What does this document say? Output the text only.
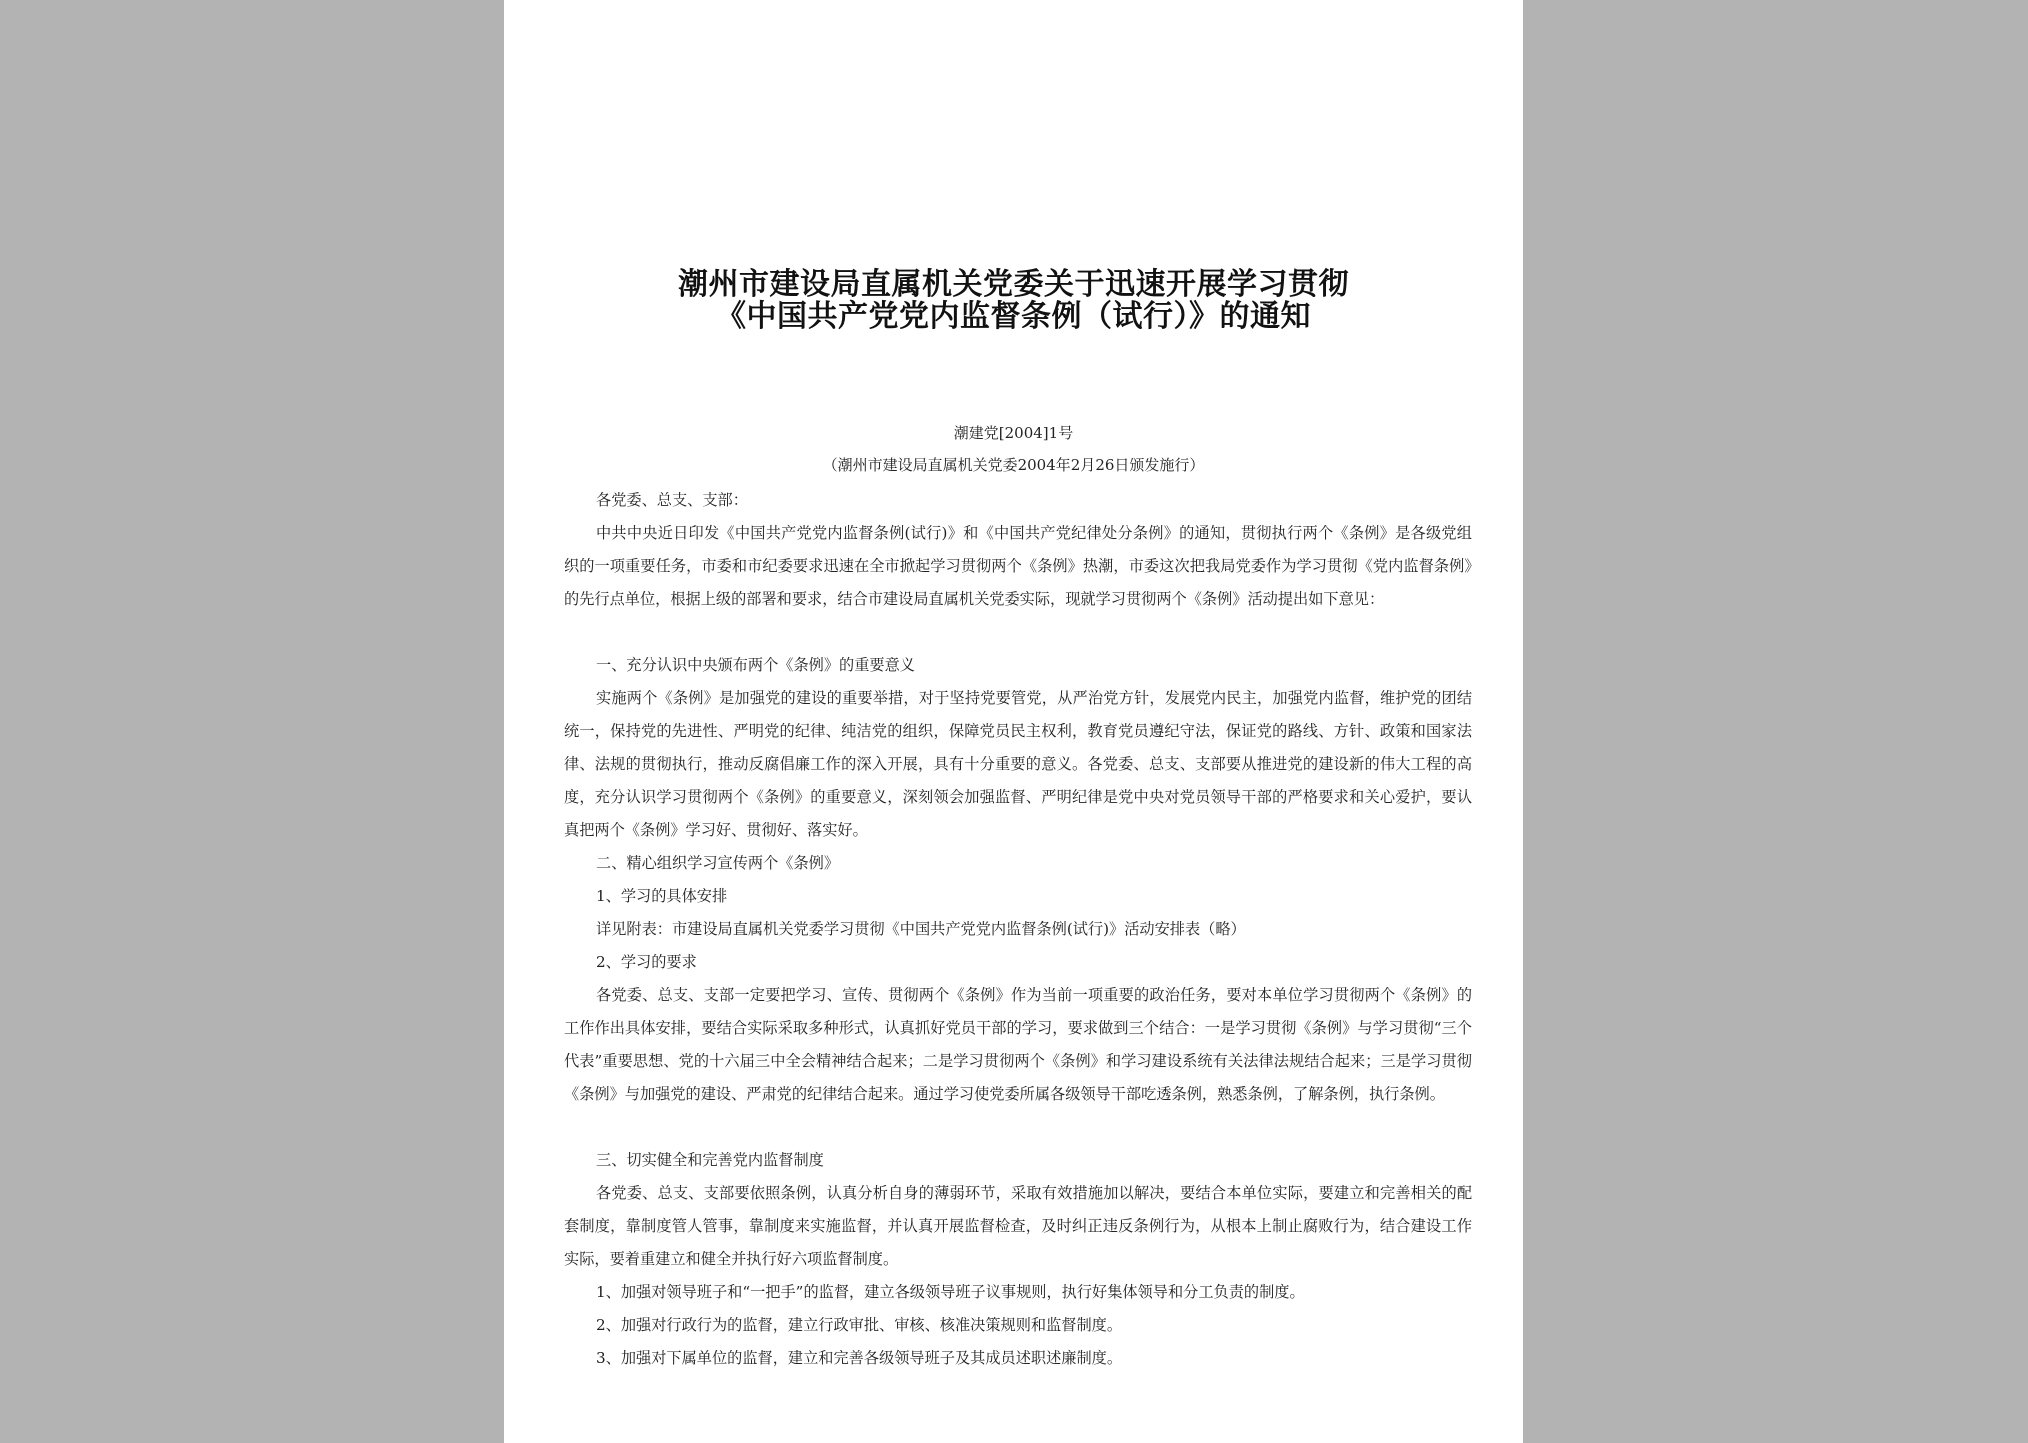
潮州市建设局直属机关党委关于迅速开展学习贯彻
《中国共产党党内监督条例（试行）》的通知
潮建党[2004]1号
（潮州市建设局直属机关党委2004年2月26日颁发施行）

各党委、总支、支部：

中共中央近日印发《中国共产党党内监督条例(试行)》和《中国共产党纪律处分条例》的通知，贯彻执行两个《条例》是各级党组织的一项重要任务，市委和市纪委要求迅速在全市掀起学习贯彻两个《条例》热潮，市委这次把我局党委作为学习贯彻《党内监督条例》的先行点单位，根据上级的部署和要求，结合市建设局直属机关党委实际，现就学习贯彻两个《条例》活动提出如下意见：

一、充分认识中央颁布两个《条例》的重要意义

实施两个《条例》是加强党的建设的重要举措，对于坚持党要管党，从严治党方针，发展党内民主，加强党内监督，维护党的团结统一，保持党的先进性、严明党的纪律、纯洁党的组织，保障党员民主权利，教育党员遵纪守法，保证党的路线、方针、政策和国家法律、法规的贯彻执行，推动反腐倡廉工作的深入开展，具有十分重要的意义。各党委、总支、支部要从推进党的建设新的伟大工程的高度，充分认识学习贯彻两个《条例》的重要意义，深刻领会加强监督、严明纪律是党中央对党员领导干部的严格要求和关心爱护，要认真把两个《条例》学习好、贯彻好、落实好。

二、精心组织学习宣传两个《条例》

1、学习的具体安排

详见附表：市建设局直属机关党委学习贯彻《中国共产党党内监督条例(试行)》活动安排表（略）

2、学习的要求

各党委、总支、支部一定要把学习、宣传、贯彻两个《条例》作为当前一项重要的政治任务，要对本单位学习贯彻两个《条例》的工作作出具体安排，要结合实际采取多种形式，认真抓好党员干部的学习，要求做到三个结合：一是学习贯彻《条例》与学习贯彻“三个代表”重要思想、党的十六届三中全会精神结合起来；二是学习贯彻两个《条例》和学习建设系统有关法律法规结合起来；三是学习贯彻《条例》与加强党的建设、严肃党的纪律结合起来。通过学习使党委所属各级领导干部吃透条例，熟悉条例，了解条例，执行条例。

三、切实健全和完善党内监督制度

各党委、总支、支部要依照条例，认真分析自身的薄弱环节，采取有效措施加以解决，要结合本单位实际，要建立和完善相关的配套制度，靠制度管人管事，靠制度来实施监督，并认真开展监督检查，及时纠正违反条例行为，从根本上制止腐败行为，结合建设工作实际，要着重建立和健全并执行好六项监督制度。

1、加强对领导班子和“一把手”的监督，建立各级领导班子议事规则，执行好集体领导和分工负责的制度。

2、加强对行政行为的监督，建立行政审批、审核、核准决策规则和监督制度。

3、加强对下属单位的监督，建立和完善各级领导班子及其成员述职述廉制度。
